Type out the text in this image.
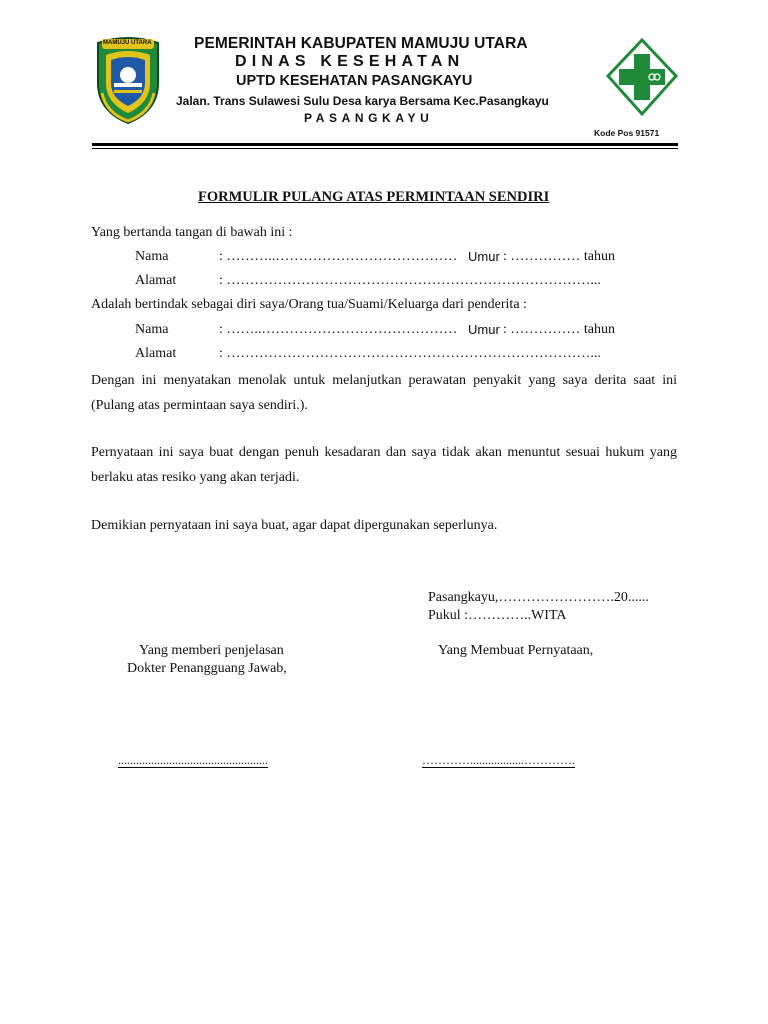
MAMUJU UTARA	PEMERINTAH KABUPATEN MAMUJU UTARA
DINAS KESEHATAN
UPTD KESEHATAN PASANGKAYU
Jalan. Trans Sulawesi Sulu Desa karya Bersama Kec.Pasangkayu
PASANGKAYU
Kode Pos 91571
FORMULIR PULANG ATAS PERMINTAAN SENDIRI
Yang bertanda tangan di bawah ini :
Nama	: ………..………………………………… Umur : …………… tahun
Alamat	: ……………………………………………………………………...
Adalah bertindak sebagai diri saya/Orang tua/Suami/Keluarga dari penderita :
Nama	: ……..…………………………………… Umur : …………… tahun
Alamat	: ……………………………………………………………………...
Dengan ini menyatakan menolak untuk melanjutkan perawatan penyakit yang saya derita saat ini (Pulang atas permintaan saya sendiri.).
Pernyataan ini saya buat dengan penuh kesadaran dan saya tidak akan menuntut sesuai hukum yang berlaku atas resiko yang akan terjadi.
Demikian pernyataan ini saya buat, agar dapat dipergunakan seperlunya.
Pasangkayu,…………………….20......
Pukul :…………..WITA
Yang memberi penjelasan
Dokter Penangguang Jawab,
Yang Membuat Pernyataan,
..................................................	…………..................………….
